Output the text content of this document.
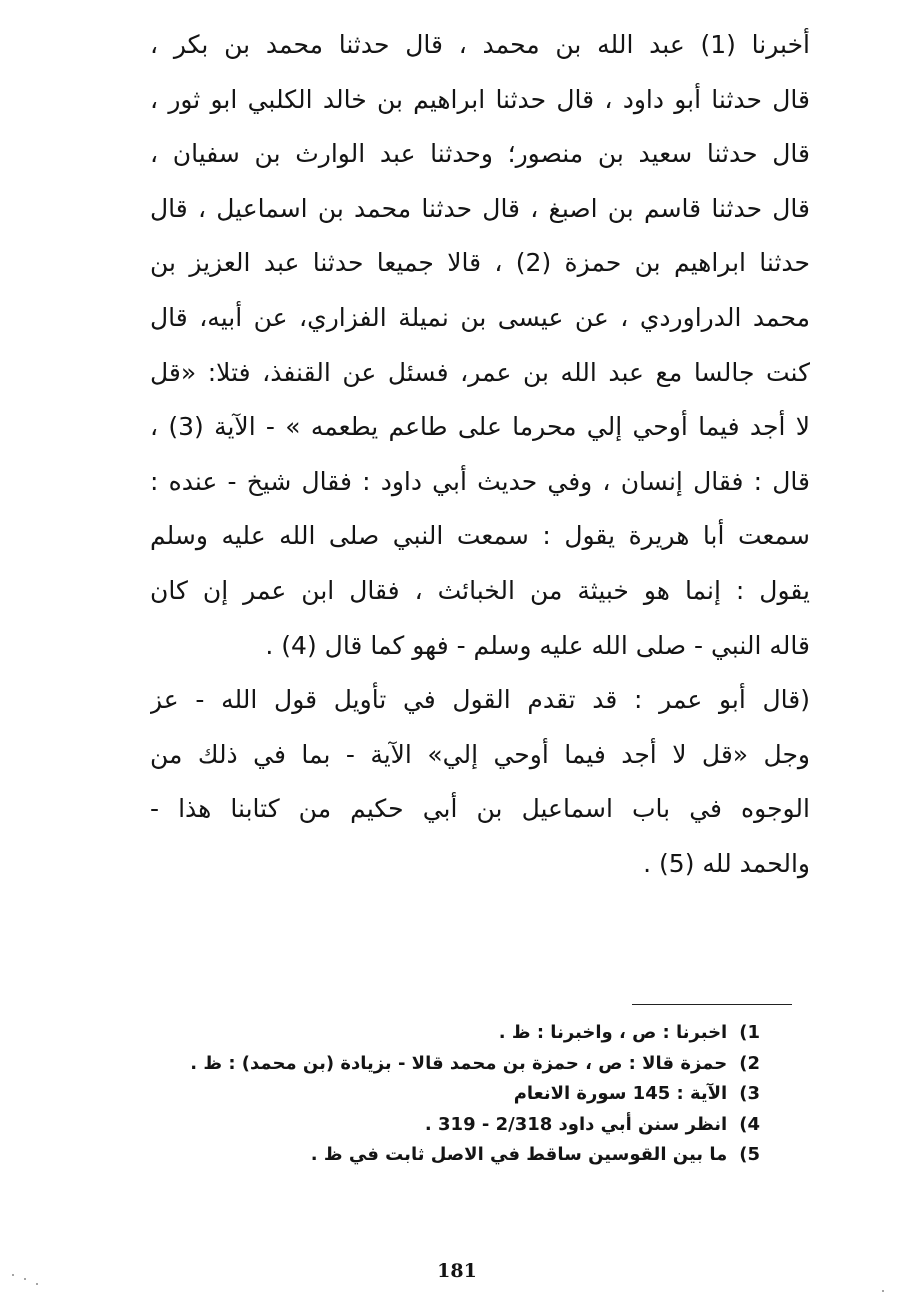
أخبرنا (1) عبد الله بن محمد ، قال حدثنا محمد بن بكر ،
قال حدثنا أبو داود ، قال حدثنا ابراهيم بن خالد الكلبي ابو ثور ،
قال حدثنا سعيد بن منصور؛ وحدثنا عبد الوارث بن سفيان ،
قال حدثنا قاسم بن اصبغ ، قال حدثنا محمد بن اسماعيل ، قال
حدثنا ابراهيم بن حمزة (2) ، قالا جميعا حدثنا عبد العزيز بن
محمد الدراوردي ، عن عيسى بن نميلة الفزاري، عن أبيه، قال
كنت جالسا مع عبد الله بن عمر، فسئل عن القنفذ، فتلا: «قل
لا أجد فيما أوحي إلي محرما على طاعم يطعمه » - الآية (3) ،
قال : فقال إنسان ، وفي حديث أبي داود : فقال شيخ - عنده :
سمعت أبا هريرة يقول : سمعت النبي صلى الله عليه وسلم
يقول : إنما هو خبيثة من الخبائث ، فقال ابن عمر إن كان
قاله النبي - صلى الله عليه وسلم - فهو كما قال (4) .
(قال أبو عمر : قد تقدم القول في تأويل قول الله - عز
وجل «قل لا أجد فيما أوحي إلي» الآية - بما في ذلك من
الوجوه في باب اسماعيل بن أبي حكيم من كتابنا هذا -
والحمد لله (5) .
1)اخبرنا : ص ، واخبرنا : ظ .
2)حمزة قالا : ص ، حمزة بن محمد قالا - بزيادة (بن محمد) : ظ .
3)الآية : 145 سورة الانعام
4)انظر سنن أبي داود 2/318 - 319 .
5)ما بين القوسين ساقط في الاصل ثابت في ظ .
181
